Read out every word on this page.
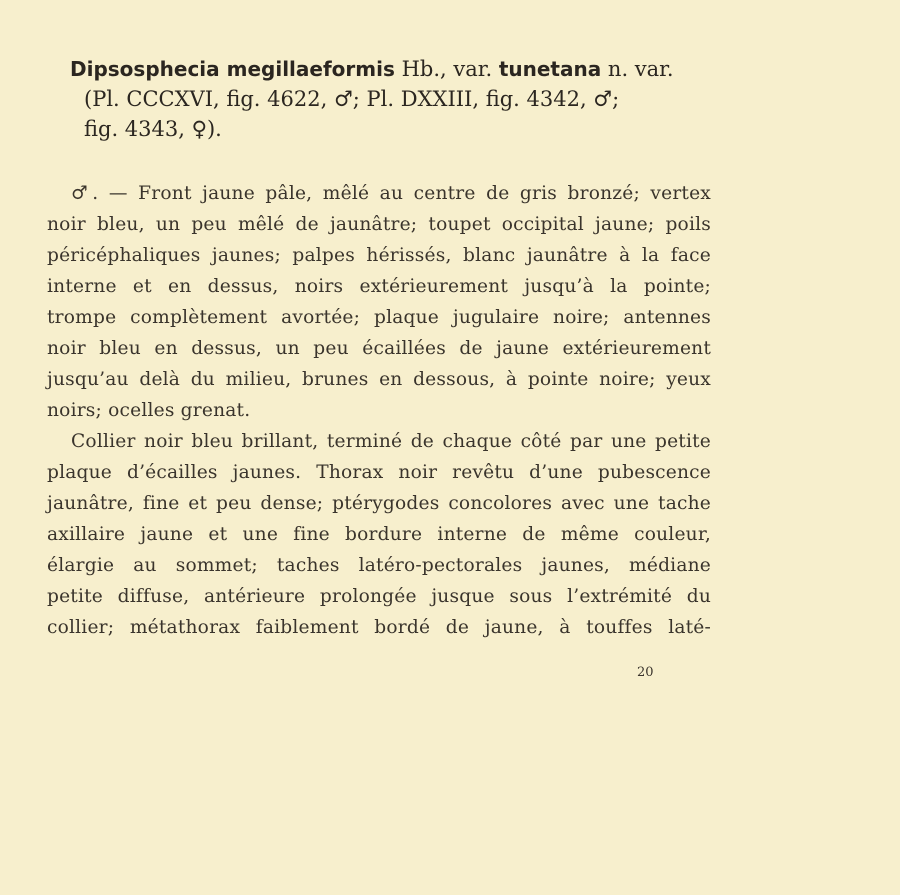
Dipsosphecia megillaeformis Hb., var. tunetana n. var.
(Pl. CCCXVI, fig. 4622, ♂; Pl. DXXIII, fig. 4342, ♂;
fig. 4343, ♀).
♂. — Front jaune pâle, mêlé au centre de gris bronzé; vertex
noir bleu, un peu mêlé de jaunâtre; toupet occipital jaune; poils
péricéphaliques jaunes; palpes hérissés, blanc jaunâtre à la face
interne et en dessus, noirs extérieurement jusqu’à la pointe;
trompe complètement avortée; plaque jugulaire noire; antennes
noir bleu en dessus, un peu écaillées de jaune extérieurement
jusqu’au delà du milieu, brunes en dessous, à pointe noire; yeux
noirs; ocelles grenat.
Collier noir bleu brillant, terminé de chaque côté par une petite
plaque d’écailles jaunes. Thorax noir revêtu d’une pubescence
jaunâtre, fine et peu dense; ptérygodes concolores avec une tache
axillaire jaune et une fine bordure interne de même couleur,
élargie au sommet; taches latéro-pectorales jaunes, médiane
petite diffuse, antérieure prolongée jusque sous l’extrémité du
collier; métathorax faiblement bordé de jaune, à touffes laté-
20
